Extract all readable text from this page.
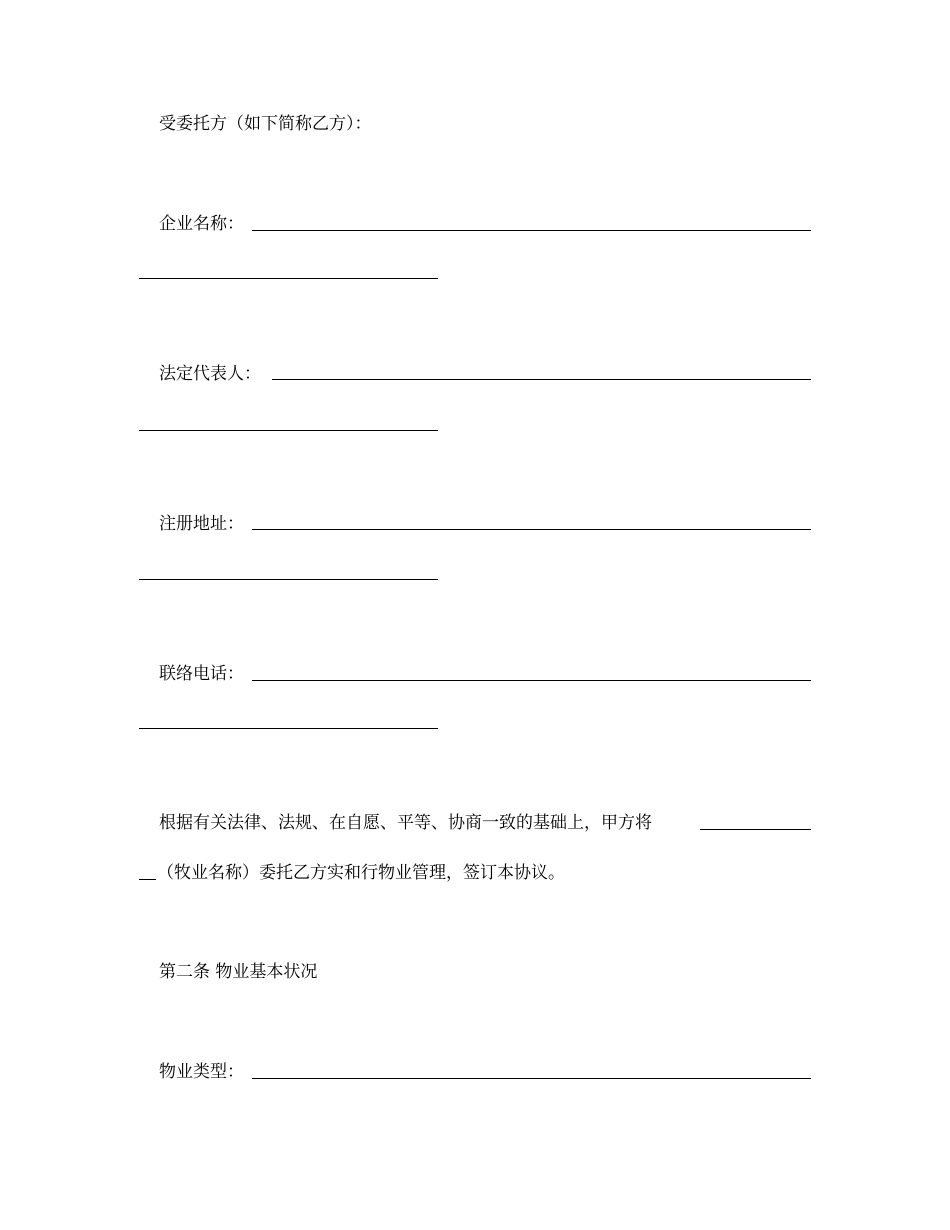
受委托方（如下简称乙方）：
企业名称：
法定代表人：
注册地址：
联络电话：
根据有关法律、法规、在自愿、平等、协商一致的基础上，甲方将
（牧业名称）委托乙方实和行物业管理，签订本协议。
第二条 物业基本状况
物业类型：
